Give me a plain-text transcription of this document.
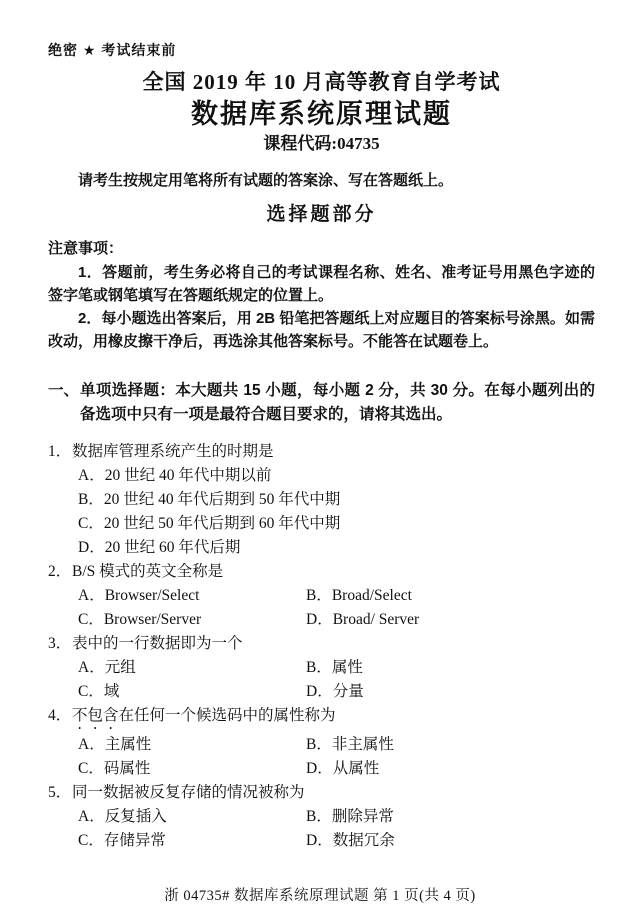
绝密 ★ 考试结束前
全国 2019 年 10 月高等教育自学考试
数据库系统原理试题
课程代码:04735
请考生按规定用笔将所有试题的答案涂、写在答题纸上。
选择题部分
注意事项：

1．答题前，考生务必将自己的考试课程名称、姓名、准考证号用黑色字迹的签字笔或钢笔填写在答题纸规定的位置上。

2．每小题选出答案后，用 2B 铅笔把答题纸上对应题目的答案标号涂黑。如需改动，用橡皮擦干净后，再选涂其他答案标号。不能答在试题卷上。

一、 单项选择题：本大题共 15 小题，每小题 2 分，共 30 分。在每小题列出的备选项中只有一项是最符合题目要求的，请将其选出。
1． 数据库管理系统产生的时期是
A．20 世纪 40 年代中期以前
B．20 世纪 40 年代后期到 50 年代中期
C．20 世纪 50 年代后期到 60 年代中期
D．20 世纪 60 年代后期
2． B/S 模式的英文全称是
A．Browser/Select	B．Broad/Select
C．Browser/Server	D．Broad/ Server
3． 表中的一行数据即为一个
A．元组	B．属性
C．域	D．分量
4． 不包含在任何一个候选码中的属性称为
A．主属性	B．非主属性
C．码属性	D．从属性
5． 同一数据被反复存储的情况被称为
A．反复插入	B．删除异常
C．存储异常	D．数据冗余
浙 04735# 数据库系统原理试题 第 1 页(共 4 页)
